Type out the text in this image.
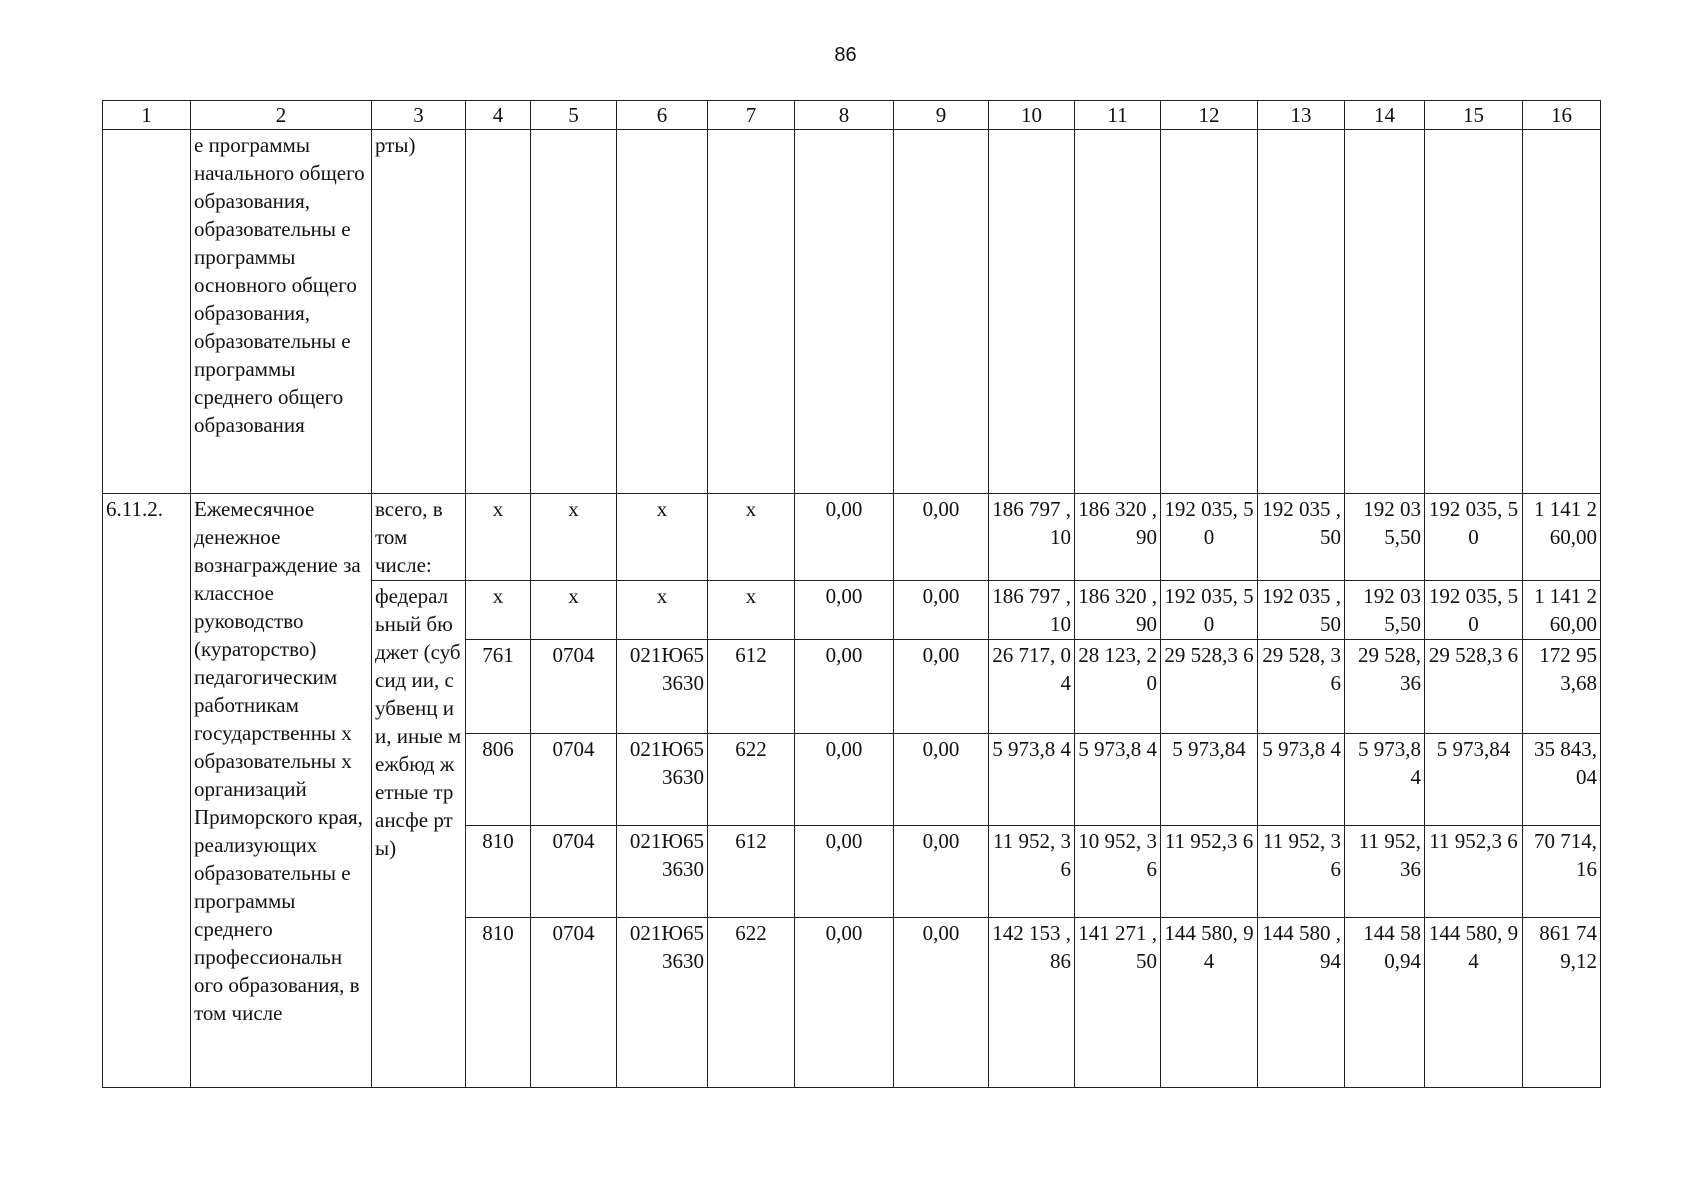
86
1	2	3	4	5	6	7	8	9	10	11	12	13	14	15	16
	е программы начального общего образования, образовательны е программы основного общего образования, образовательны е программы среднего общего образования	рты)													
6.11.2.	Ежемесячное денежное вознаграждение за классное руководство (кураторство) педагогическим работникам государственны х образовательны х организаций Приморского края, реализующих образовательны е программы среднего профессиональн ого образования, в том числе	всего, в том числе:	x	x	x	x	0,00	0,00	186 797 ,10	186 320 ,90	192 035, 50	192 035 ,50	192 03 5,50	192 035, 50	1 141 2 60,00
		федерал ьный бюджет (субсид ии, субвенц ии, иные межбюд жетные трансфе рты)	x	x	x	x	0,00	0,00	186 797 ,10	186 320 ,90	192 035, 50	192 035 ,50	192 03 5,50	192 035, 50	1 141 2 60,00
			761	0704	021Ю65 3630	612	0,00	0,00	26 717, 04	28 123, 20	29 528,3 6	29 528, 36	29 528, 36	29 528,3 6	172 95 3,68
			806	0704	021Ю65 3630	622	0,00	0,00	5 973,8 4	5 973,8 4	5 973,84	5 973,8 4	5 973,8 4	5 973,84	35 843, 04
			810	0704	021Ю65 3630	612	0,00	0,00	11 952, 36	10 952, 36	11 952,3 6	11 952, 36	11 952, 36	11 952,3 6	70 714, 16
			810	0704	021Ю65 3630	622	0,00	0,00	142 153 ,86	141 271 ,50	144 580, 94	144 580 ,94	144 58 0,94	144 580, 94	861 74 9,12
